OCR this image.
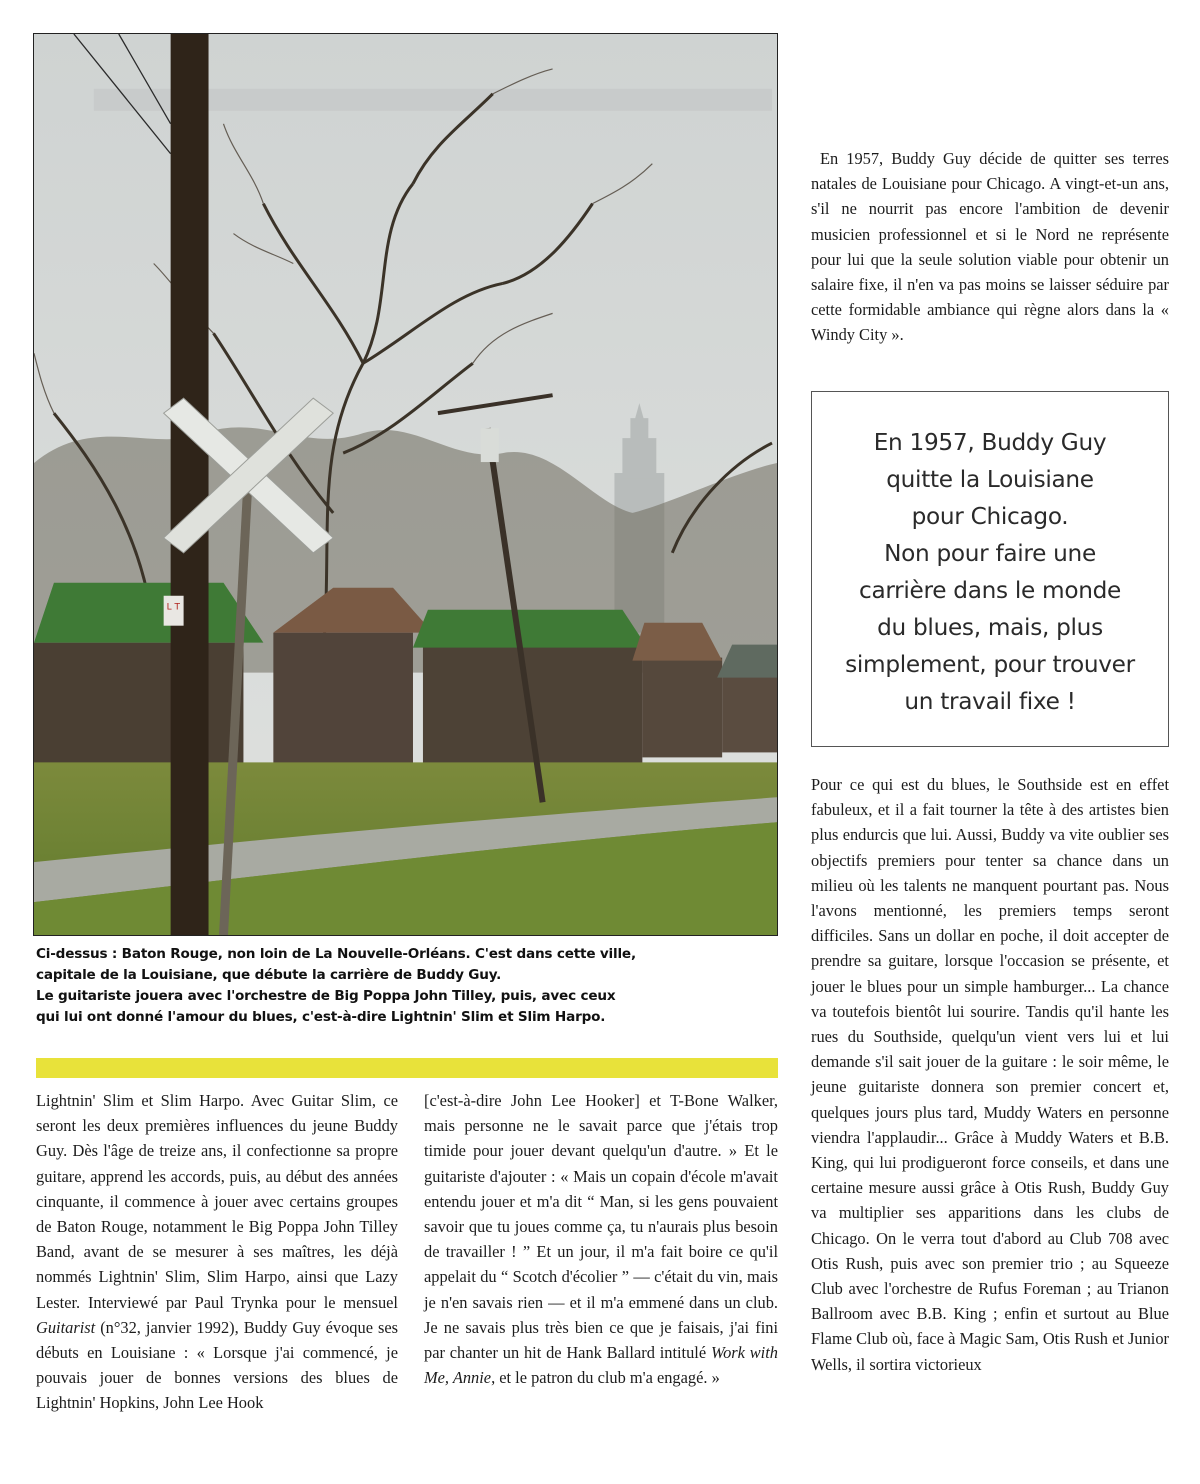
L T
Ci-dessus : Baton Rouge, non loin de La Nouvelle-Orléans. C'est dans cette ville,
capitale de la Louisiane, que débute la carrière de Buddy Guy.
Le guitariste jouera avec l'orchestre de Big Poppa John Tilley, puis, avec ceux
qui lui ont donné l'amour du blues, c'est-à-dire Lightnin' Slim et Slim Harpo.

En 1957, Buddy Guy décide de quitter ses terres natales de Louisiane pour Chicago. A vingt-et-un ans, s'il ne nourrit pas encore l'ambition de devenir musicien professionnel et si le Nord ne représente pour lui que la seule solution viable pour obtenir un salaire fixe, il n'en va pas moins se laisser séduire par cette formidable ambiance qui règne alors dans la « Windy City ».

En 1957, Buddy Guy
quitte la Louisiane
pour Chicago.
Non pour faire une
carrière dans le monde
du blues, mais, plus
simplement, pour trouver
un travail fixe !

Pour ce qui est du blues, le Southside est en effet fabuleux, et il a fait tourner la tête à des artistes bien plus endurcis que lui. Aussi, Buddy va vite oublier ses objectifs premiers pour tenter sa chance dans un milieu où les talents ne manquent pourtant pas. Nous l'avons mentionné, les premiers temps seront difficiles. Sans un dollar en poche, il doit accepter de prendre sa guitare, lorsque l'occasion se présente, et jouer le blues pour un simple hamburger... La chance va toutefois bientôt lui sourire. Tandis qu'il hante les rues du Southside, quelqu'un vient vers lui et lui demande s'il sait jouer de la guitare : le soir même, le jeune guitariste donnera son premier concert et, quelques jours plus tard, Muddy Waters en personne viendra l'applaudir... Grâce à Muddy Waters et B.B. King, qui lui prodigueront force conseils, et dans une certaine mesure aussi grâce à Otis Rush, Buddy Guy va multiplier ses apparitions dans les clubs de Chicago. On le verra tout d'abord au Club 708 avec Otis Rush, puis avec son premier trio ; au Squeeze Club avec l'orchestre de Rufus Foreman ; au Trianon Ballroom avec B.B. King ; enfin et surtout au Blue Flame Club où, face à Magic Sam, Otis Rush et Junior Wells, il sortira victorieux

Lightnin' Slim et Slim Harpo. Avec Guitar Slim, ce seront les deux premières influences du jeune Buddy Guy. Dès l'âge de treize ans, il confectionne sa propre guitare, apprend les accords, puis, au début des années cinquante, il commence à jouer avec certains groupes de Baton Rouge, notamment le Big Poppa John Tilley Band, avant de se mesurer à ses maîtres, les déjà nommés Lightnin' Slim, Slim Harpo, ainsi que Lazy Lester. Interviewé par Paul Trynka pour le mensuel Guitarist (n°32, janvier 1992), Buddy Guy évoque ses débuts en Louisiane : « Lorsque j'ai commencé, je pouvais jouer de bonnes versions des blues de Lightnin' Hopkins, John Lee Hook

[c'est-à-dire John Lee Hooker] et T-Bone Walker, mais personne ne le savait parce que j'étais trop timide pour jouer devant quelqu'un d'autre. » Et le guitariste d'ajouter : « Mais un copain d'école m'avait entendu jouer et m'a dit “ Man, si les gens pouvaient savoir que tu joues comme ça, tu n'aurais plus besoin de travailler ! ” Et un jour, il m'a fait boire ce qu'il appelait du “ Scotch d'écolier ” — c'était du vin, mais je n'en savais rien — et il m'a emmené dans un club. Je ne savais plus très bien ce que je faisais, j'ai fini par chanter un hit de Hank Ballard intitulé Work with Me, Annie, et le patron du club m'a engagé. »
